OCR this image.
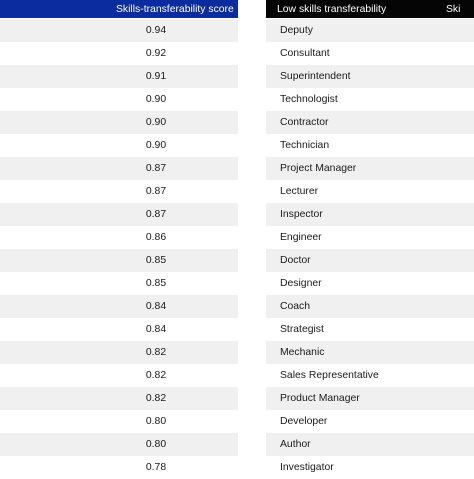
Skills-transferability score
0.94
0.92
0.91
0.90
0.90
0.90
0.87
0.87
0.87
0.86
0.85
0.85
0.84
0.84
0.82
0.82
0.82
0.80
0.80
0.78
Low skills transferability	Ski
Deputy
Consultant
Superintendent
Technologist
Contractor
Technician
Project Manager
Lecturer
Inspector
Engineer
Doctor
Designer
Coach
Strategist
Mechanic
Sales Representative
Product Manager
Developer
Author
Investigator
